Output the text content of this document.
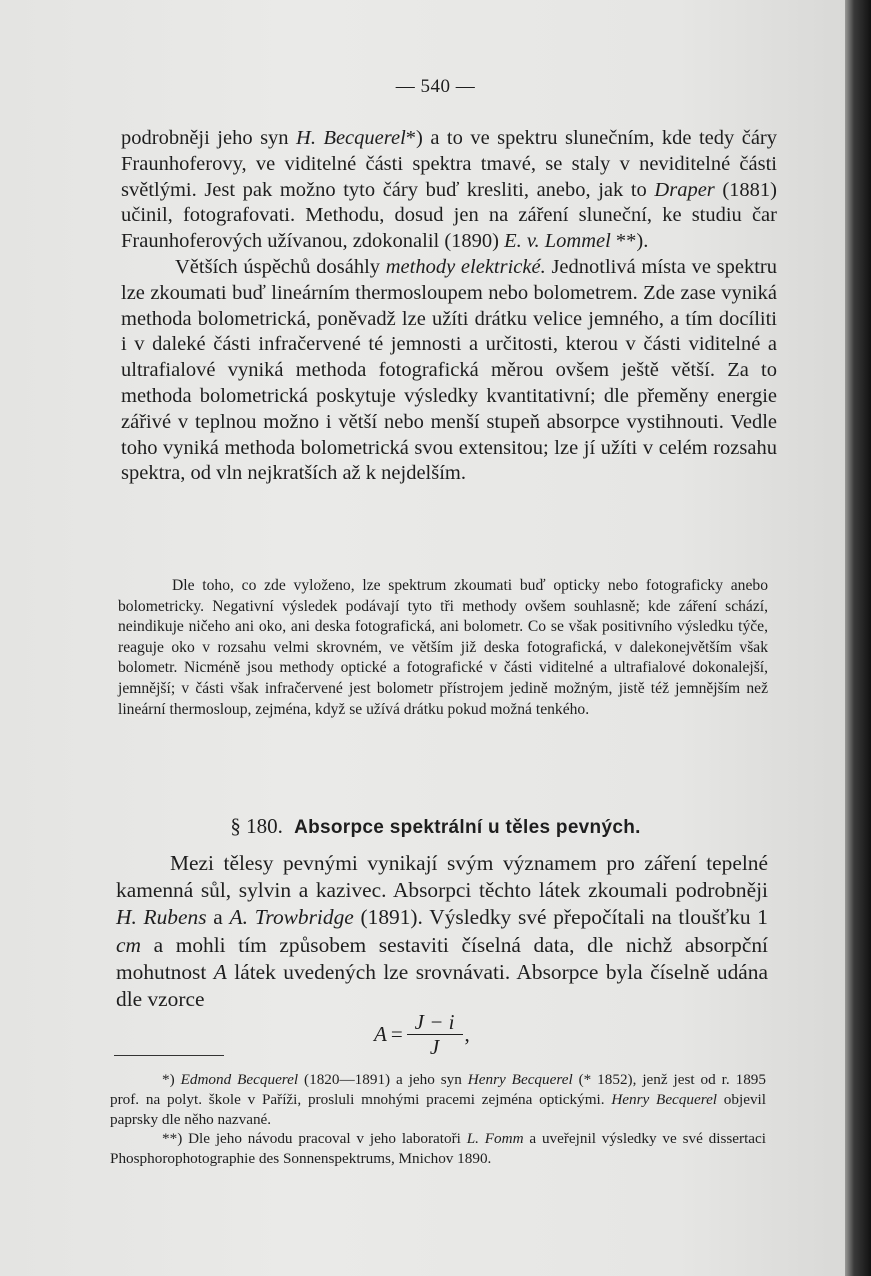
— 540 —

podrobněji jeho syn H. Becquerel*) a to ve spektru slunečním, kde tedy čáry Fraunhoferovy, ve viditelné části spektra tmavé, se staly v neviditelné části světlými. Jest pak možno tyto čáry buď kresliti, anebo, jak to Draper (1881) učinil, fotografovati. Methodu, dosud jen na záření sluneční, ke studiu čar Fraunhoferových užívanou, zdokonalil (1890) E. v. Lommel **).

Větších úspěchů dosáhly methody elektrické. Jednotlivá místa ve spektru lze zkoumati buď lineárním thermosloupem nebo bolometrem. Zde zase vyniká methoda bolometrická, poněvadž lze užíti drátku velice jemného, a tím docíliti i v daleké části infračervené té jemnosti a určitosti, kterou v části viditelné a ultrafialové vyniká methoda fotografická měrou ovšem ještě větší. Za to methoda bolometrická poskytuje výsledky kvantitativní; dle přeměny energie zářivé v teplnou možno i větší nebo menší stupeň absorpce vystihnouti. Vedle toho vyniká methoda bolometrická svou extensitou; lze jí užíti v celém rozsahu spektra, od vln nejkratších až k nejdelším.

Dle toho, co zde vyloženo, lze spektrum zkoumati buď opticky nebo fotograficky anebo bolometricky. Negativní výsledek podávají tyto tři methody ovšem souhlasně; kde záření schází, neindikuje ničeho ani oko, ani deska fotografická, ani bolometr. Co se však positivního výsledku týče, reaguje oko v rozsahu velmi skrovném, ve větším již deska fotografická, v dalekonejvětším však bolometr. Nicméně jsou methody optické a fotografické v části viditelné a ultrafialové dokonalejší, jemnější; v části však infračervené jest bolometr přístrojem jedině možným, jistě též jemnějším než lineární thermosloup, zejména, když se užívá drátku pokud možná tenkého.

§ 180. Absorpce spektrální u těles pevných.

Mezi tělesy pevnými vynikají svým významem pro záření tepelné kamenná sůl, sylvin a kazivec. Absorpci těchto látek zkoumali podrobněji H. Rubens a A. Trowbridge (1891). Výsledky své přepočítali na tloušťku 1 cm a mohli tím způsobem sestaviti číselná data, dle nichž absorpční mohutnost A látek uvedených lze srovnávati. Absorpce byla číselně udána dle vzorce

$A = \frac{J - i}{J}$ ,

*) Edmond Becquerel (1820—1891) a jeho syn Henry Becquerel (* 1852), jenž jest od r. 1895 prof. na polyt. škole v Paříži, prosluli mnohými pracemi zejména optickými. Henry Becquerel objevil paprsky dle něho nazvané.

**) Dle jeho návodu pracoval v jeho laboratoři L. Fomm a uveřejnil výsledky ve své dissertaci Phosphorophotographie des Sonnenspektrums, Mnichov 1890.
